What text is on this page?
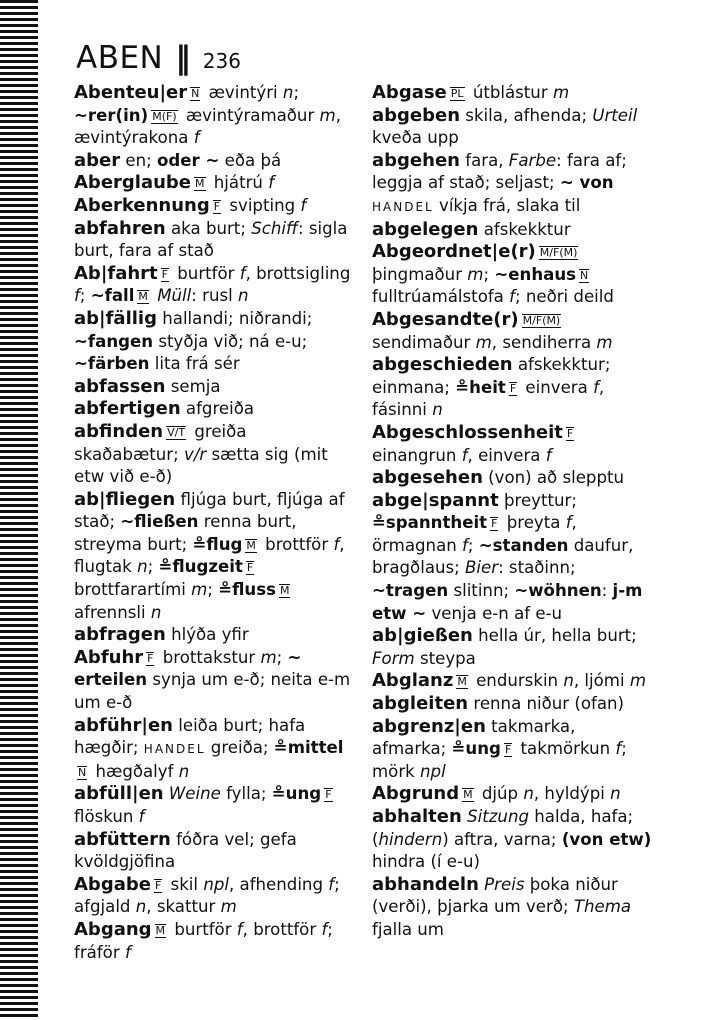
ABEN ‖ 236

Abenteu|er N ævintýri n; ~rer(in) M(F) ævintýramaður m, ævintýrakona f

aber en; oder ~ eða þá

Aberglaube M hjátrú f

Aberkennung F svipting f

abfahren aka burt; Schiff: sigla burt, fara af stað

Ab|fahrt F burtför f, brottsigling f; ~fall M Müll: rusl n

ab|fällig hallandi; niðrandi; ~fangen styðja við; ná e-u; ~färben lita frá sér

abfassen semja

abfertigen afgreiða

abfinden V/T greiða skaðabætur; v/r sætta sig (mit etw við e-ð)

ab|fliegen fljúga burt, fljúga af stað; ~fließen renna burt, streyma burt; ≗flug M brottför f, flugtak n; ≗flugzeit F brottfarartími m; ≗fluss M afrennsli n

abfragen hlýða yfir

Abfuhr F brottakstur m; ~ erteilen synja um e-ð; neita e-m um e-ð

abführ|en leiða burt; hafa hægðir; HANDEL greiða; ≗mittelN hægðalyf n

abfüll|en Weine fylla; ≗ung F flöskun f

abfüttern fóðra vel; gefa kvöldgjöfina

Abgabe F skil npl, afhending f; afgjald n, skattur m

Abgang M burtför f, brottför f; fráför f

Abgase PL útblástur m

abgeben skila, afhenda; Urteil kveða upp

abgehen fara, Farbe: fara af; leggja af stað; seljast; ~ von HANDEL víkja frá, slaka til

abgelegen afskekktur

Abgeordnet|e(r) M/F(M) þingmaður m; ~enhaus N fulltrúamálstofa f; neðri deild

Abgesandte(r) M/F(M) sendimaður m, sendiherra m

abgeschieden afskekktur; einmana; ≗heit F einvera f, fásinni n

Abgeschlossenheit F einangrun f, einvera f

abgesehen (von) að slepptu

abge|spannt þreyttur; ≗spanntheit F þreyta f, örmagnan f; ~standen daufur, bragðlaus; Bier: staðinn; ~tragen slitinn; ~wöhnen: j-m etw ~ venja e-n af e-u

ab|gießen hella úr, hella burt; Form steypa

Abglanz M endurskin n, ljómi m

abgleiten renna niður (ofan)

abgrenz|en takmarka, afmarka; ≗ung F takmörkun f; mörk npl

Abgrund M djúp n, hyldýpi n

abhalten Sitzung halda, hafa; (hindern) aftra, varna; (von etw) hindra (í e-u)

abhandeln Preis þoka niður (verði), þjarka um verð; Thema fjalla um
